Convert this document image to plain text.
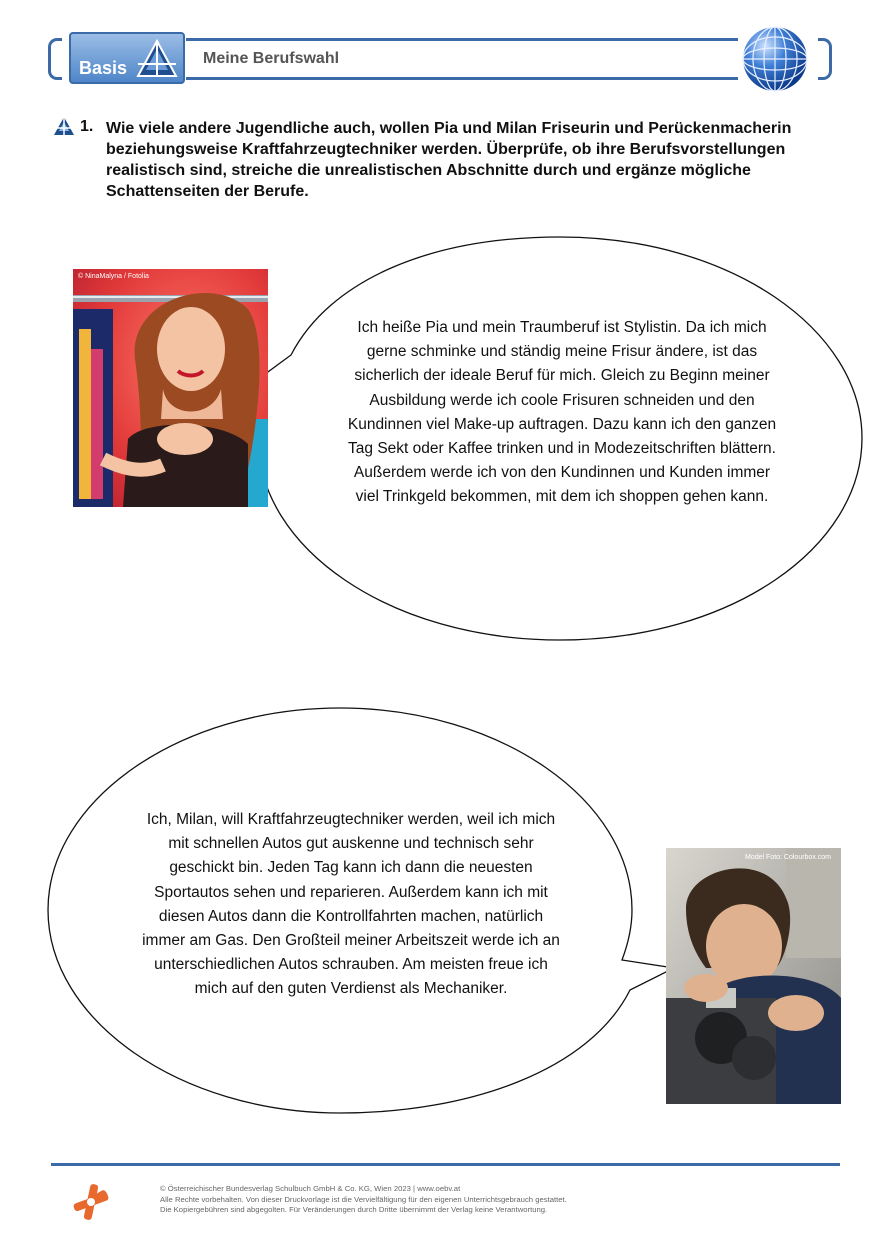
Basis	Meine Berufswahl
1. Wie viele andere Jugendliche auch, wollen Pia und Milan Friseurin und Perückenmacherin beziehungsweise Kraftfahrzeugtechniker werden. Überprüfe, ob ihre Berufsvorstellungen realistisch sind, streiche die unrealistischen Abschnitte durch und ergänze mögliche Schattenseiten der Berufe.
© NinaMalyna / Fotolia
Ich heiße Pia und mein Traumberuf ist Stylistin. Da ich mich gerne schminke und ständig meine Frisur ändere, ist das sicherlich der ideale Beruf für mich. Gleich zu Beginn meiner Ausbildung werde ich coole Frisuren schneiden und den Kundinnen viel Make-up auftragen. Dazu kann ich den ganzen Tag Sekt oder Kaffee trinken und in Modezeitschriften blättern. Außerdem werde ich von den Kundinnen und Kunden immer viel Trinkgeld bekommen, mit dem ich shoppen gehen kann.
Model Foto: Colourbox.com
Ich, Milan, will Kraftfahrzeugtechniker werden, weil ich mich mit schnellen Autos gut auskenne und technisch sehr geschickt bin. Jeden Tag kann ich dann die neuesten Sportautos sehen und reparieren. Außerdem kann ich mit diesen Autos dann die Kontrollfahrten machen, natürlich immer am Gas. Den Großteil meiner Arbeitszeit werde ich an unterschiedlichen Autos schrauben. Am meisten freue ich mich auf den guten Verdienst als Mechaniker.
© Österreichischer Bundesverlag Schulbuch GmbH & Co. KG, Wien 2023 | www.oebv.at
Alle Rechte vorbehalten. Von dieser Druckvorlage ist die Vervielfältigung für den eigenen Unterrichtsgebrauch gestattet.
Die Kopiergebühren sind abgegolten. Für Veränderungen durch Dritte übernimmt der Verlag keine Verantwortung.
